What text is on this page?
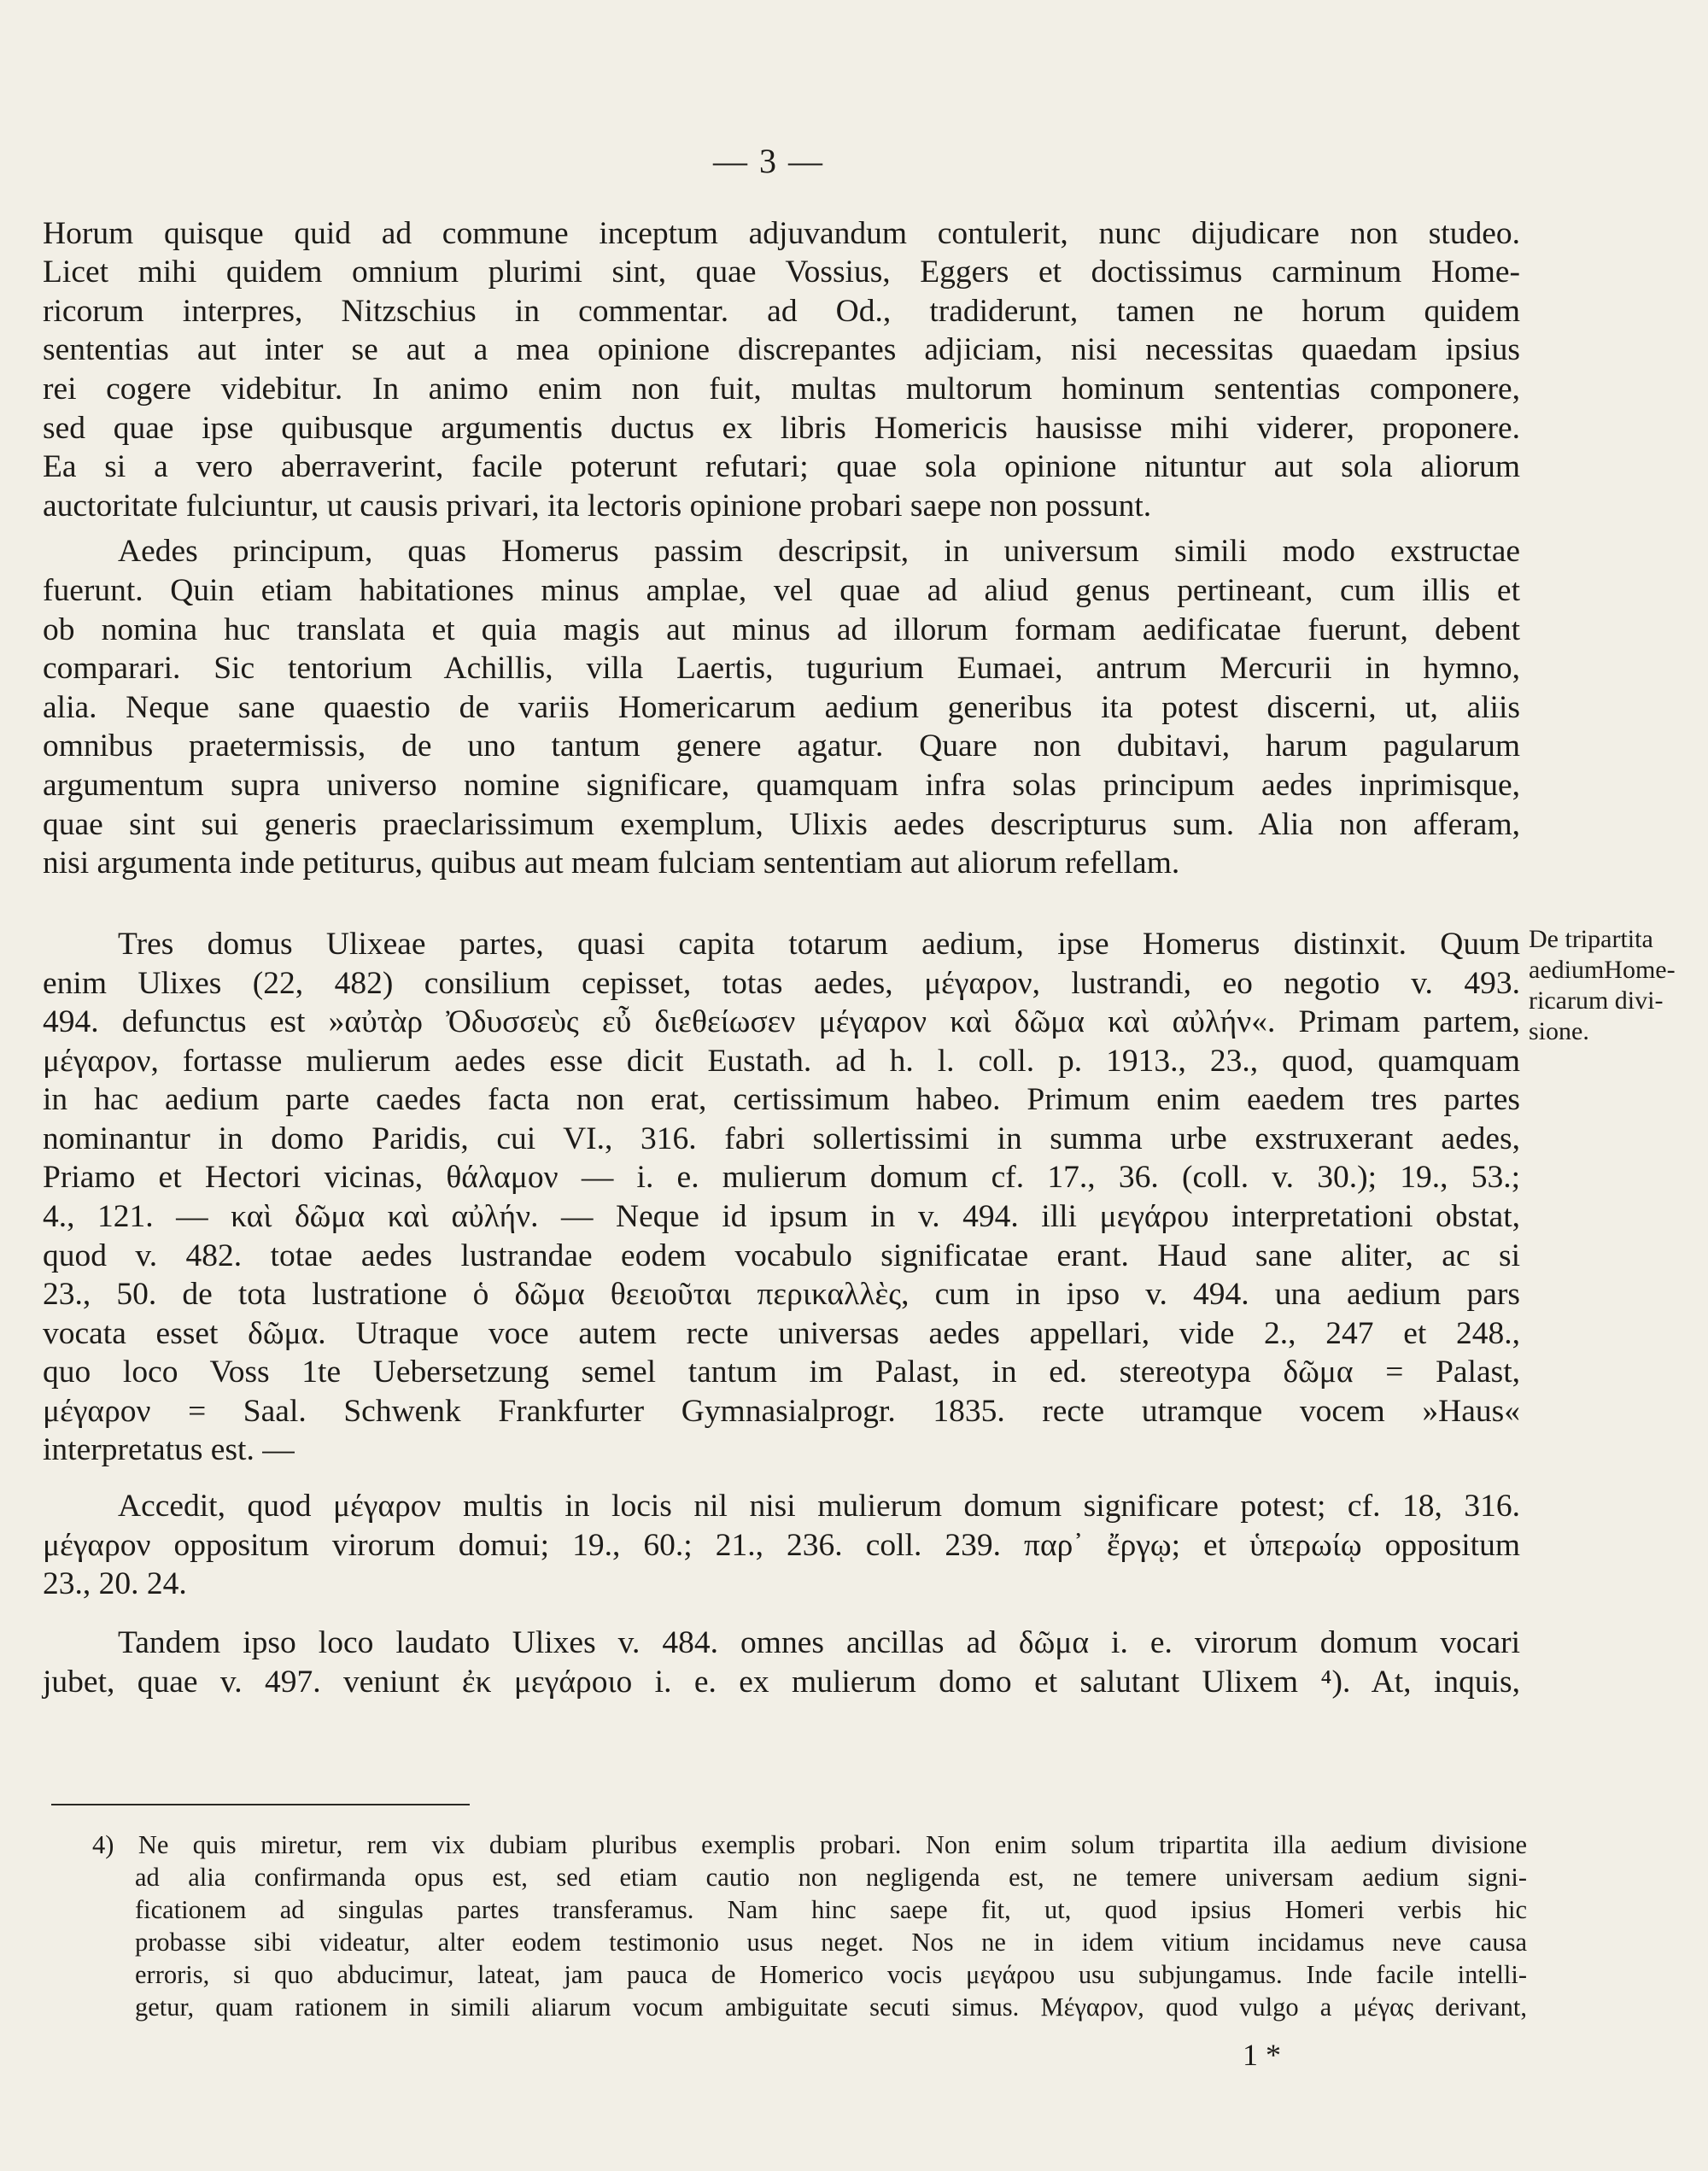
— 3 —
Horum quisque quid ad commune inceptum adjuvandum contulerit, nunc dijudicare non studeo.
Licet mihi quidem omnium plurimi sint, quae Vossius, Eggers et doctissimus carminum Home-
ricorum interpres, Nitzschius in commentar. ad Od., tradiderunt, tamen ne horum quidem
sententias aut inter se aut a mea opinione discrepantes adjiciam, nisi necessitas quaedam ipsius
rei cogere videbitur. In animo enim non fuit, multas multorum hominum sententias componere,
sed quae ipse quibusque argumentis ductus ex libris Homericis hausisse mihi viderer, proponere.
Ea si a vero aberraverint, facile poterunt refutari; quae sola opinione nituntur aut sola aliorum
auctoritate fulciuntur, ut causis privari, ita lectoris opinione probari saepe non possunt.
Aedes principum, quas Homerus passim descripsit, in universum simili modo exstructae
fuerunt. Quin etiam habitationes minus amplae, vel quae ad aliud genus pertineant, cum illis et
ob nomina huc translata et quia magis aut minus ad illorum formam aedificatae fuerunt, debent
comparari. Sic tentorium Achillis, villa Laertis, tugurium Eumaei, antrum Mercurii in hymno,
alia. Neque sane quaestio de variis Homericarum aedium generibus ita potest discerni, ut, aliis
omnibus praetermissis, de uno tantum genere agatur. Quare non dubitavi, harum pagularum
argumentum supra universo nomine significare, quamquam infra solas principum aedes inprimisque,
quae sint sui generis praeclarissimum exemplum, Ulixis aedes descripturus sum. Alia non afferam,
nisi argumenta inde petiturus, quibus aut meam fulciam sententiam aut aliorum refellam.
Tres domus Ulixeae partes, quasi capita totarum aedium, ipse Homerus distinxit. Quum
enim Ulixes (22, 482) consilium cepisset, totas aedes, μέγαρον, lustrandi, eo negotio v. 493.
494. defunctus est »αὐτὰρ Ὀδυσσεὺς εὖ διεθείωσεν μέγαρον καὶ δῶμα καὶ αὐλήν«. Primam partem,
μέγαρον, fortasse mulierum aedes esse dicit Eustath. ad h. l. coll. p. 1913., 23., quod, quamquam
in hac aedium parte caedes facta non erat, certissimum habeo. Primum enim eaedem tres partes
nominantur in domo Paridis, cui VI., 316. fabri sollertissimi in summa urbe exstruxerant aedes,
Priamo et Hectori vicinas, θάλαμον — i. e. mulierum domum cf. 17., 36. (coll. v. 30.); 19., 53.;
4., 121. — καὶ δῶμα καὶ αὐλήν. — Neque id ipsum in v. 494. illi μεγάρου interpretationi obstat,
quod v. 482. totae aedes lustrandae eodem vocabulo significatae erant. Haud sane aliter, ac si
23., 50. de tota lustratione ὁ δῶμα θεειοῦται περικαλλὲς, cum in ipso v. 494. una aedium pars
vocata esset δῶμα. Utraque voce autem recte universas aedes appellari, vide 2., 247 et 248.,
quo loco Voss 1te Uebersetzung semel tantum im Palast, in ed. stereotypa δῶμα = Palast,
μέγαρον = Saal. Schwenk Frankfurter Gymnasialprogr. 1835. recte utramque vocem »Haus«
interpretatus est. —
Accedit, quod μέγαρον multis in locis nil nisi mulierum domum significare potest; cf. 18, 316.
μέγαρον oppositum virorum domui; 19., 60.; 21., 236. coll. 239. παρ᾽ ἔργῳ; et ὑπερωίῳ oppositum
23., 20. 24.
Tandem ipso loco laudato Ulixes v. 484. omnes ancillas ad δῶμα i. e. virorum domum vocari
jubet, quae v. 497. veniunt ἐκ μεγάροιο i. e. ex mulierum domo et salutant Ulixem ⁴). At, inquis,
De tripartita
aediumHome-
ricarum divi-
sione.
4) Ne quis miretur, rem vix dubiam pluribus exemplis probari. Non enim solum tripartita illa aedium divisione
ad alia confirmanda opus est, sed etiam cautio non negligenda est, ne temere universam aedium signi-
ficationem ad singulas partes transferamus. Nam hinc saepe fit, ut, quod ipsius Homeri verbis hic
probasse sibi videatur, alter eodem testimonio usus neget. Nos ne in idem vitium incidamus neve causa
erroris, si quo abducimur, lateat, jam pauca de Homerico vocis μεγάρου usu subjungamus. Inde facile intelli-
getur, quam rationem in simili aliarum vocum ambiguitate secuti simus. Μέγαρον, quod vulgo a μέγας derivant,
1 *
